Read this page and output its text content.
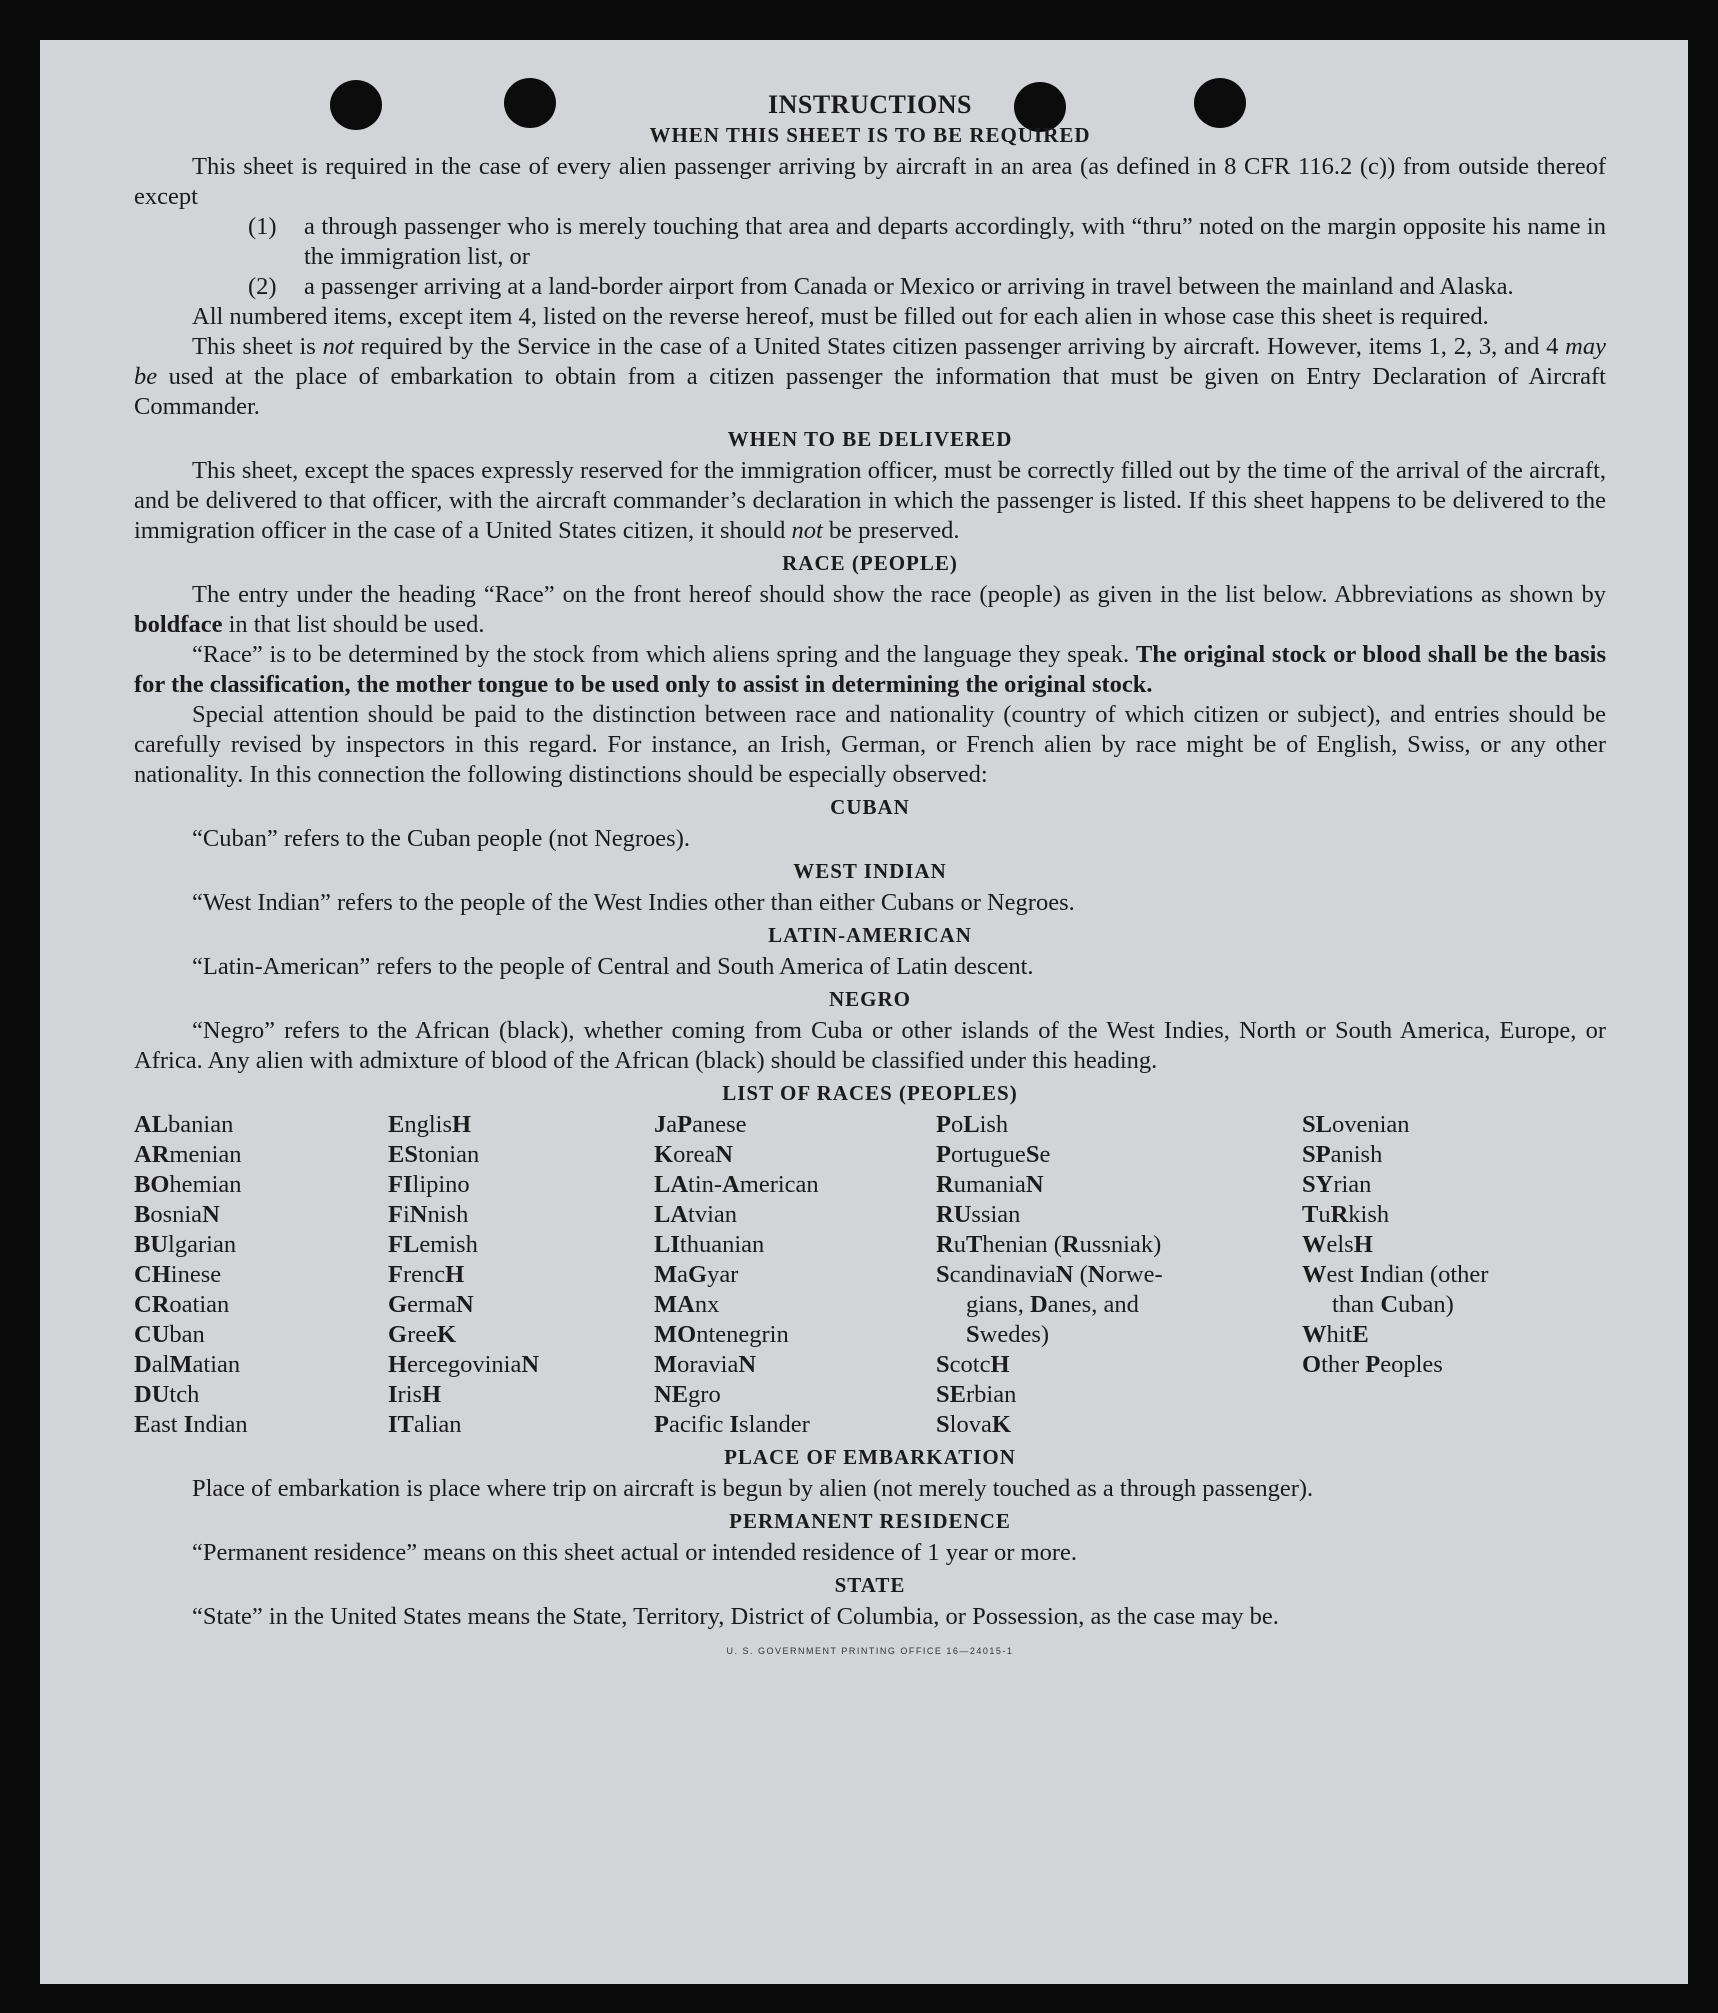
INSTRUCTIONS
WHEN THIS SHEET IS TO BE REQUIRED

This sheet is required in the case of every alien passenger arriving by aircraft in an area (as defined in 8 CFR 116.2 (c)) from outside thereof except

(1)	a through passenger who is merely touching that area and departs accordingly, with “thru” noted on the margin opposite his name in the immigration list, or
(2)	a passenger arriving at a land-border airport from Canada or Mexico or arriving in travel between the mainland and Alaska.

All numbered items, except item 4, listed on the reverse hereof, must be filled out for each alien in whose case this sheet is required.

This sheet is not required by the Service in the case of a United States citizen passenger arriving by aircraft. However, items 1, 2, 3, and 4 may be used at the place of embarkation to obtain from a citizen passenger the information that must be given on Entry Declaration of Aircraft Commander.

WHEN TO BE DELIVERED

This sheet, except the spaces expressly reserved for the immigration officer, must be correctly filled out by the time of the arrival of the aircraft, and be delivered to that officer, with the aircraft commander’s declaration in which the passenger is listed. If this sheet happens to be delivered to the immigration officer in the case of a United States citizen, it should not be preserved.

RACE (PEOPLE)

The entry under the heading “Race” on the front hereof should show the race (people) as given in the list below. Abbreviations as shown by boldface in that list should be used.

“Race” is to be determined by the stock from which aliens spring and the language they speak. The original stock or blood shall be the basis for the classification, the mother tongue to be used only to assist in determining the original stock.

Special attention should be paid to the distinction between race and nationality (country of which citizen or subject), and entries should be carefully revised by inspectors in this regard. For instance, an Irish, German, or French alien by race might be of English, Swiss, or any other nationality. In this connection the following distinctions should be especially observed:

CUBAN

“Cuban” refers to the Cuban people (not Negroes).

WEST INDIAN

“West Indian” refers to the people of the West Indies other than either Cubans or Negroes.

LATIN-AMERICAN

“Latin-American” refers to the people of Central and South America of Latin descent.

NEGRO

“Negro” refers to the African (black), whether coming from Cuba or other islands of the West Indies, North or South America, Europe, or Africa. Any alien with admixture of blood of the African (black) should be classified under this heading.

LIST OF RACES (PEOPLES)
ALbanian
ARmenian
BOhemian
BosniaN
BUlgarian
CHinese
CRoatian
CUban
DalMatian
DUtch
East Indian
EnglisH
EStonian
FIlipino
FiNnish
FLemish
FrencH
GermaN
GreeK
HercegoviniaN
IrisH
ITalian
JaPanese
KoreaN
LAtin-American
LAtvian
LIthuanian
MaGyar
MAnx
MOntenegrin
MoraviaN
NEgro
Pacific Islander
PoLish
PortugueSe
RumaniaN
RUssian
RuThenian (Russniak)
ScandinaviaN (Norwe-
gians, Danes, and
Swedes)
ScotcH
SErbian
SlovaK
SLovenian
SPanish
SYrian
TuRkish
WelsH
West Indian (other
than Cuban)
WhitE
Other Peoples
PLACE OF EMBARKATION

Place of embarkation is place where trip on aircraft is begun by alien (not merely touched as a through passenger).

PERMANENT RESIDENCE

“Permanent residence” means on this sheet actual or intended residence of 1 year or more.

STATE

“State” in the United States means the State, Territory, District of Columbia, or Possession, as the case may be.

U. S. GOVERNMENT PRINTING OFFICE 16—24015-1
